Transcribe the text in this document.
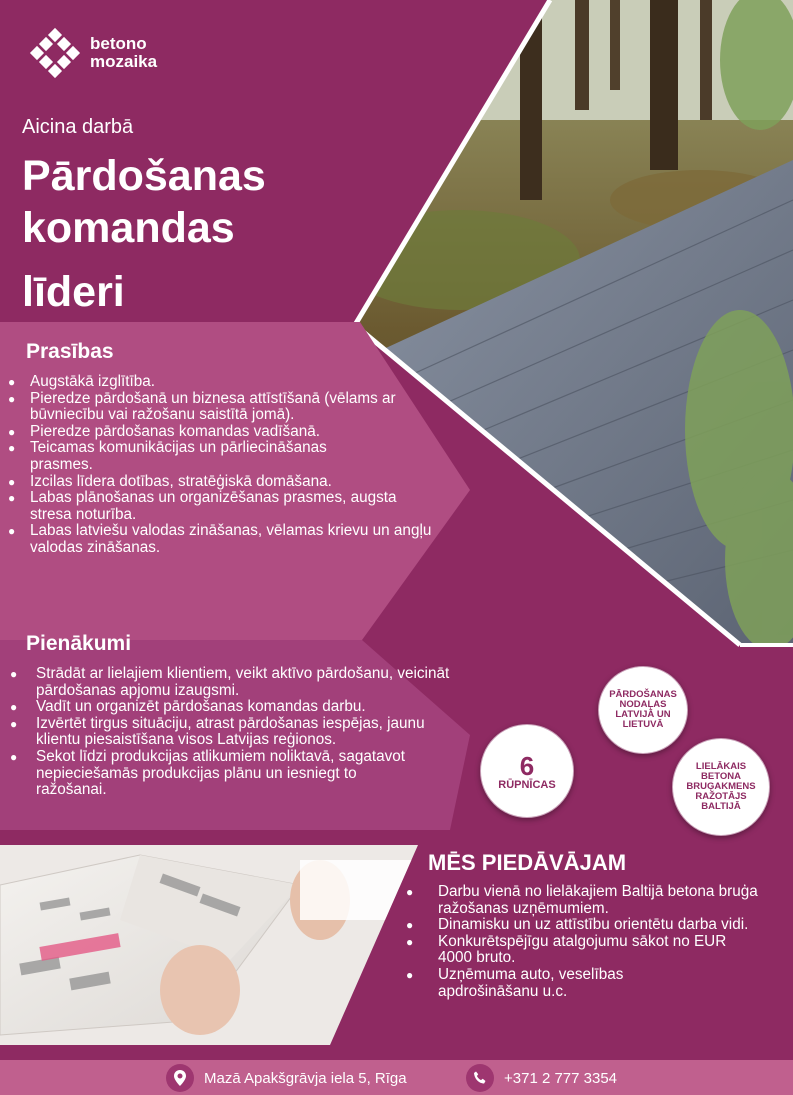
betono
mozaika
Aicina darbā
Pārdošanas
komandas
līderi
Prasības
● Augstākā izglītība.
● Pieredze pārdošanā un biznesa attīstīšanā (vēlams ar būvniecību vai ražošanu saistītā jomā).
● Pieredze pārdošanas komandas vadīšanā.
● Teicamas komunikācijas un pārliecināšanas prasmes.
● Izcilas līdera dotības, stratēģiskā domāšana.
● Labas plānošanas un organizēšanas prasmes, augsta stresa noturība.
● Labas latviešu valodas zināšanas, vēlamas krievu un angļu valodas zināšanas.
Pienākumi
● Strādāt ar lielajiem klientiem, veikt aktīvo pārdošanu, veicināt pārdošanas apjomu izaugsmi.
● Vadīt un organizēt pārdošanas komandas darbu.
● Izvērtēt tirgus situāciju, atrast pārdošanas iespējas, jaunu klientu piesaistīšana visos Latvijas reģionos.
● Sekot līdzi produkcijas atlikumiem noliktavā, sagatavot nepieciešamās produkcijas plānu un iesniegt to ražošanai.
PĀRDOŠANAS NODAĻAS LATVIJĀ UN LIETUVĀ
6
RŪPNĪCAS
LIELĀKAIS BETONA BRUĢAKMENS RAŽOTĀJS BALTIJĀ
MĒS PIEDĀVĀJAM
● Darbu vienā no lielākajiem Baltijā betona bruģa ražošanas uzņēmumiem.
● Dinamisku un uz attīstību orientētu darba vidi.
● Konkurētspējīgu atalgojumu sākot no EUR 4000 bruto.
● Uzņēmuma auto, veselības apdrošināšanu u.c.
Mazā Apakšgrāvja iela 5, Rīga	+371 2 777 3354
